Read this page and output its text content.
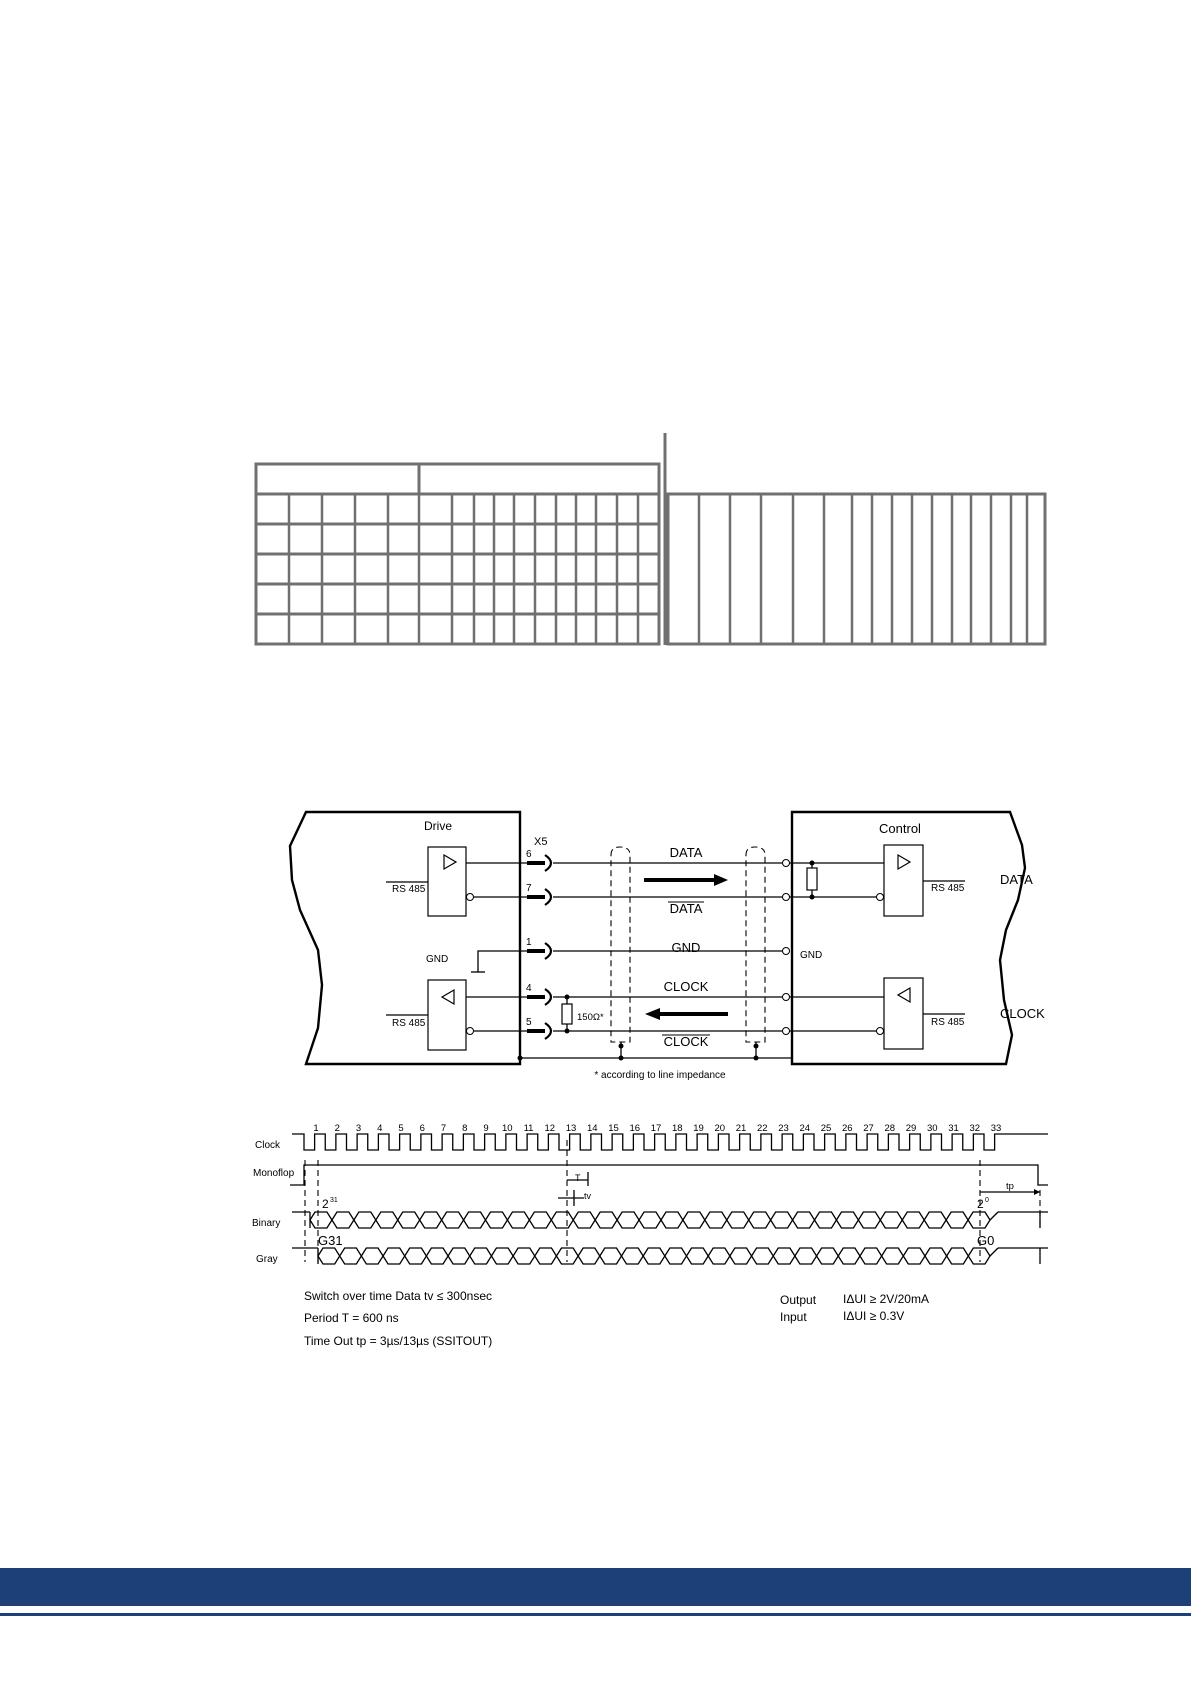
Drive	Control
X5
RS 485
RS 485
GND
6
7
1
4
5	150Ω*
DATA
DATA
GND
CLOCK
CLOCK
* according to line impedance
GND
RS 485
RS 485
DATA
CLOCK
Clock
Monoflop
Binary
Gray
1 2 3 4 5 6 7 8 9 10 11 12 13 14 15 16 17 18 19 20 21 22 23 24 25 26 27 28 29 30 31 32 33
T
tv
tp
2 31	2 0
G31	G0
Switch over time Data tv ≤ 300nsec
Period T = 600 ns
Time Out tp = 3µs/13µs (SSITOUT)
Output IΔUI ≥ 2V/20mA
Input	IΔUI ≥ 0.3V
